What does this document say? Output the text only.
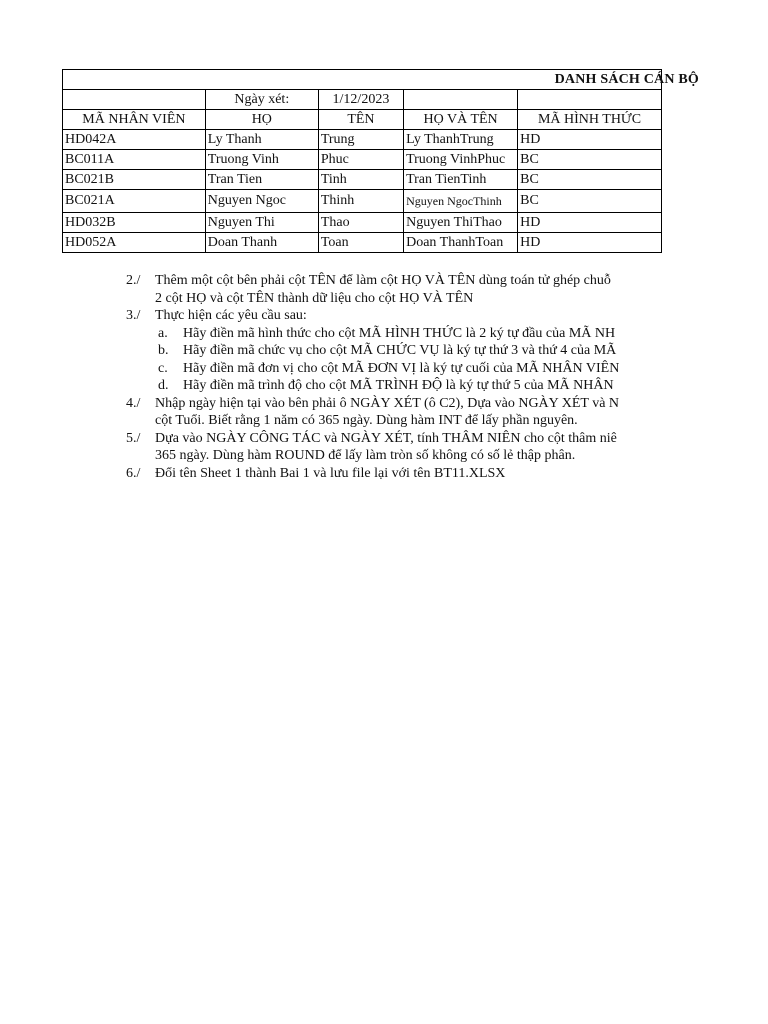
DANH SÁCH CÁN BỘ				
	Ngày xét:	1/12/2023		
MÃ NHÂN VIÊN	HỌ	TÊN	HỌ VÀ TÊN	MÃ HÌNH THỨC
HD042A	Ly Thanh	Trung	Ly ThanhTrung	HD
BC011A	Truong Vinh	Phuc	Truong VinhPhuc	BC
BC021B	Tran Tien	Tinh	Tran TienTinh	BC
BC021A	Nguyen Ngoc	Thinh	Nguyen NgocThinh	BC
HD032B	Nguyen Thi	Thao	Nguyen ThiThao	HD
HD052A	Doan Thanh	Toan	Doan ThanhToan	HD
2./	Thêm một cột bên phải cột TÊN để làm cột HỌ VÀ TÊN dùng toán tử ghép chuỗ
2 cột HỌ và cột TÊN thành dữ liệu cho cột HỌ VÀ TÊN
3./	Thực hiện các yêu cầu sau:
a.	Hãy điền mã hình thức cho cột MÃ HÌNH THỨC là 2 ký tự đầu của MÃ NH
b.	Hãy điền mã chức vụ cho cột MÃ CHỨC VỤ là ký tự thứ 3 và thứ 4 của MÃ
c.	Hãy điền mã đơn vị cho cột MÃ ĐƠN VỊ là ký tự cuối của MÃ NHÂN VIÊN
d.	Hãy điền mã trình độ cho cột MÃ TRÌNH ĐỘ là ký tự thứ 5 của MÃ NHÂN
4./	Nhập ngày hiện tại vào bên phải ô NGÀY XÉT (ô C2), Dựa vào NGÀY XÉT và N
cột Tuổi. Biết rằng 1 năm có 365 ngày. Dùng hàm INT để lấy phần nguyên.
5./	Dựa vào NGÀY CÔNG TÁC và NGÀY XÉT, tính THÂM NIÊN cho cột thâm niê
365 ngày. Dùng hàm ROUND để lấy làm tròn số không có số lẻ thập phân.
6./	Đổi tên Sheet 1 thành Bai 1 và lưu file lại với tên BT11.XLSX
